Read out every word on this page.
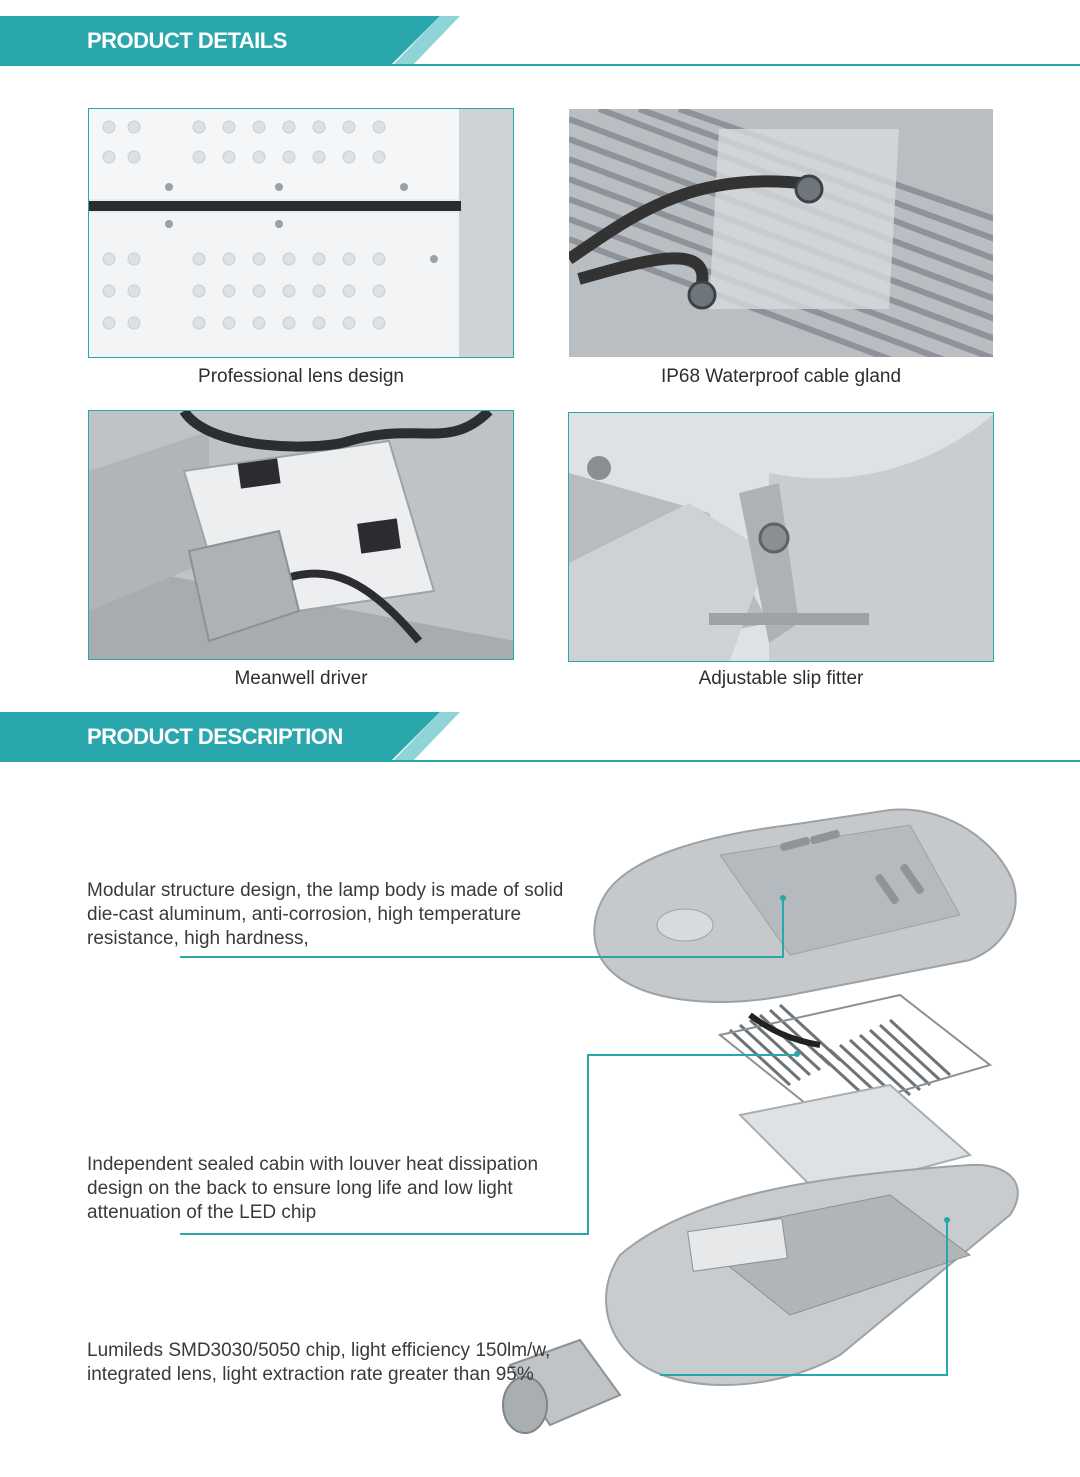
PRODUCT DETAILS
Professional lens design	IP68 Waterproof cable gland
Meanwell driver	Adjustable slip fitter
PRODUCT DESCRIPTION
Modular structure design, the lamp body is made of solid die-cast aluminum, anti-corrosion, high temperature resistance, high hardness,
Independent sealed cabin with louver heat dissipation design on the back to ensure long life and low light attenuation of the LED chip
Lumileds SMD3030/5050 chip, light efficiency 150lm/w, integrated lens, light extraction rate greater than 95%
